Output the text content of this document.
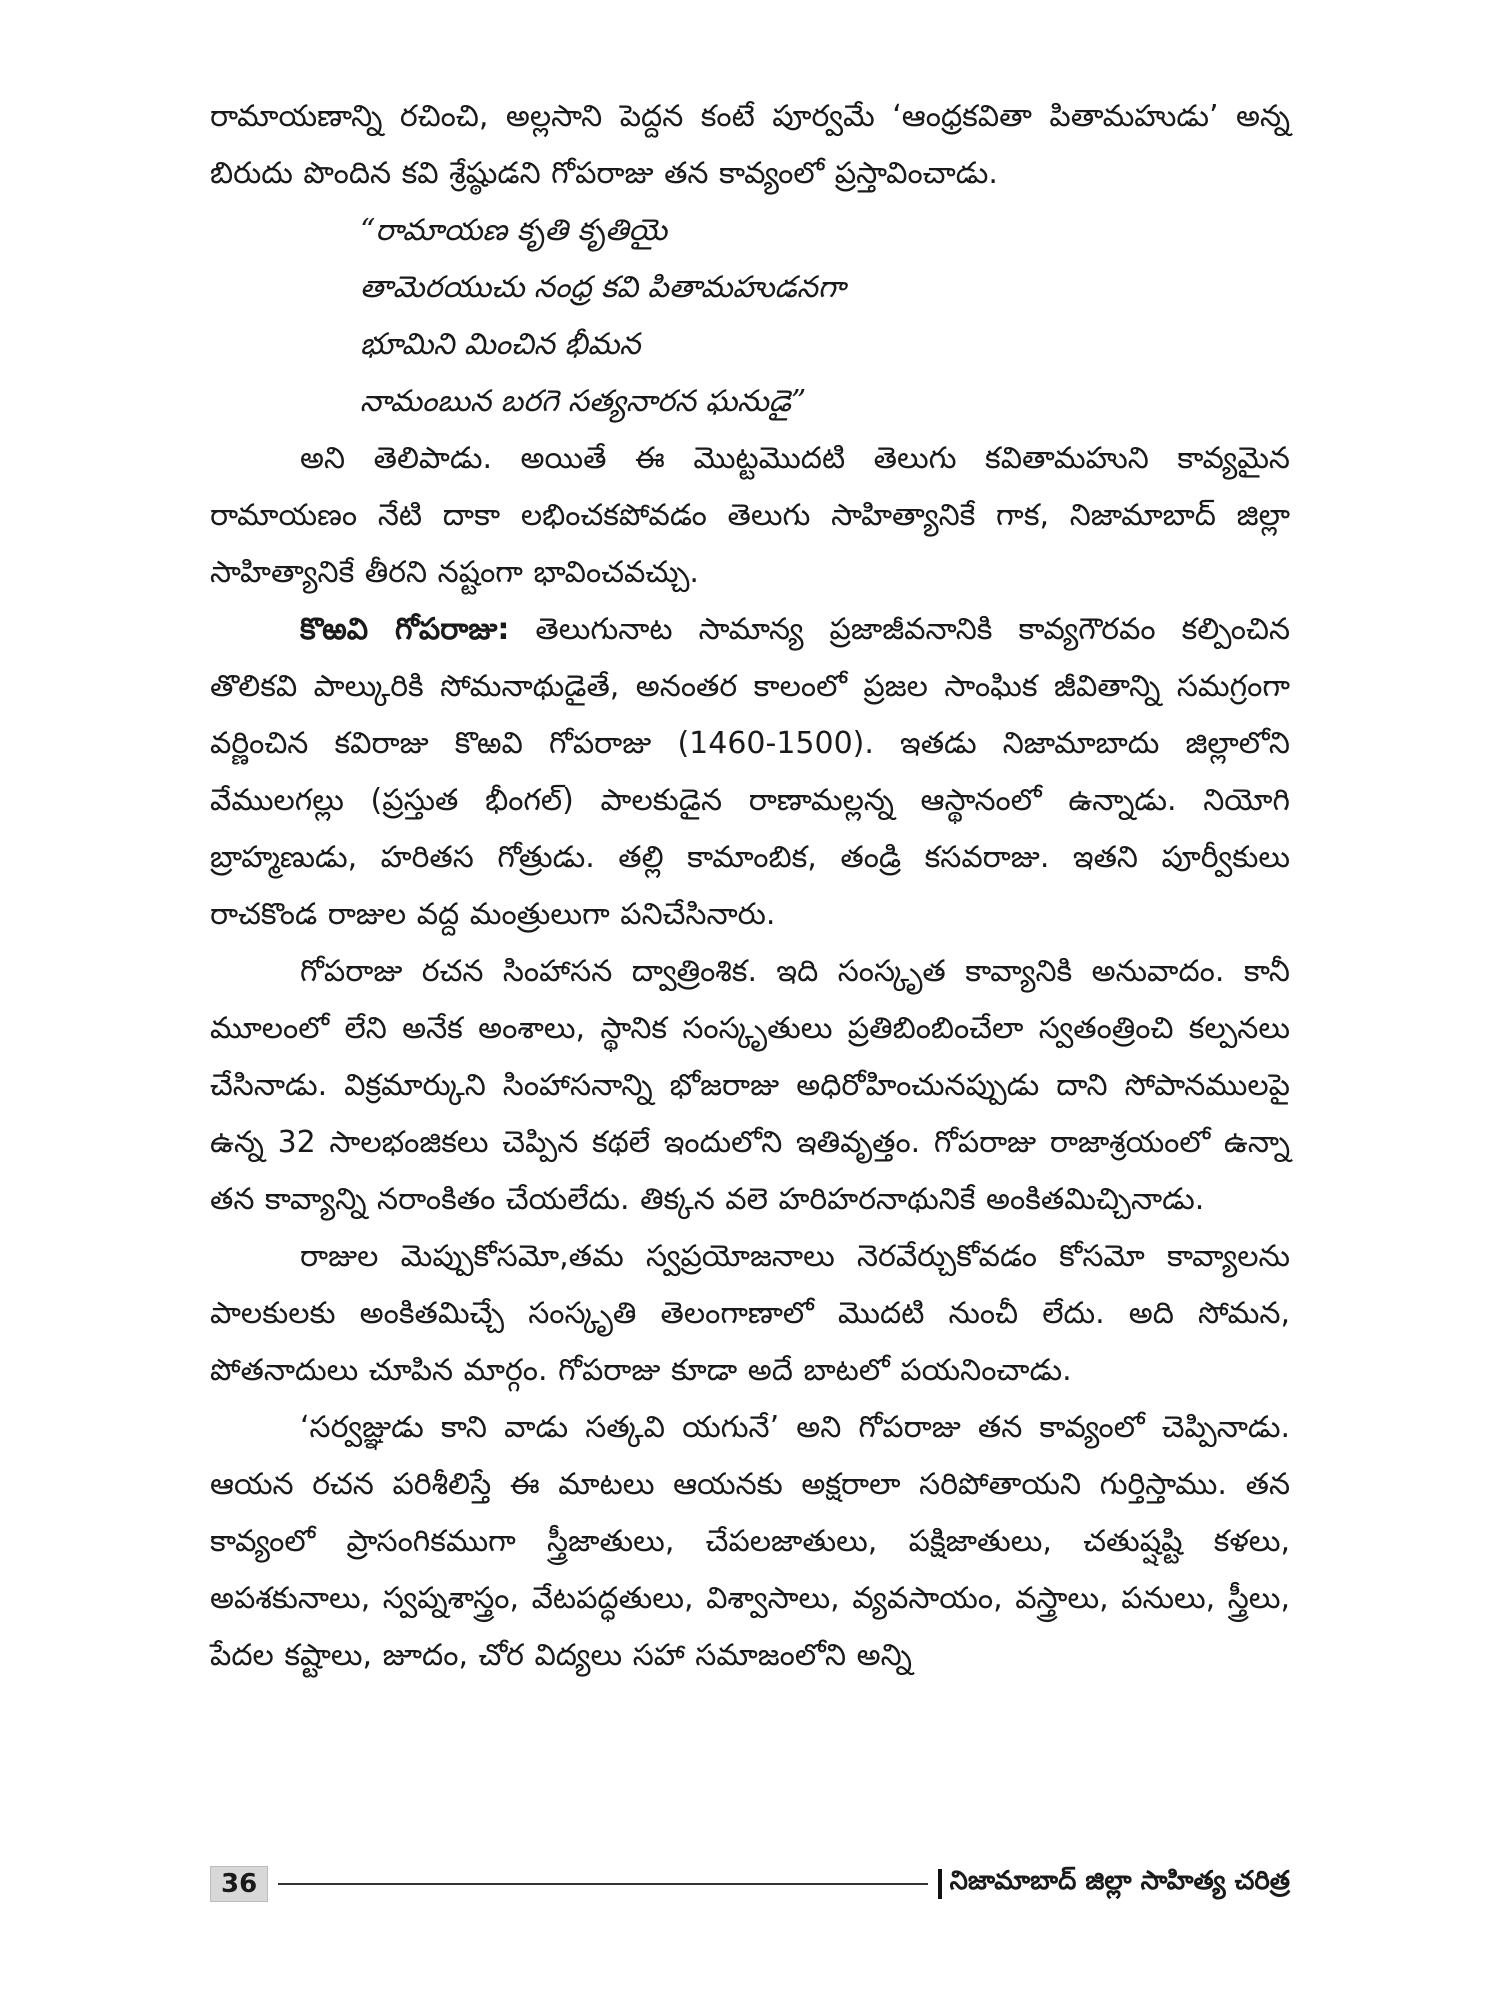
రామాయణాన్ని రచించి, అల్లసాని పెద్దన కంటే పూర్వమే ‘ఆంధ్రకవితా పితామహుడు’ అన్న బిరుదు పొందిన కవి శ్రేష్ఠుడని గోపరాజు తన కావ్యంలో ప్రస్తావించాడు.

“రామాయణ కృతి కృతియై
తామెరయుచు నంధ్ర కవి పితామహుడనగా
భూమిని మించిన భీమన
నామంబున బరగె సత్యనారన ఘనుడై”

అని తెలిపాడు. అయితే ఈ మొట్టమొదటి తెలుగు కవితామహుని కావ్యమైన రామాయణం నేటి దాకా లభించకపోవడం తెలుగు సాహిత్యానికే గాక, నిజామాబాద్ జిల్లా సాహిత్యానికే తీరని నష్టంగా భావించవచ్చు.

కొఱవి గోపరాజు: తెలుగునాట సామాన్య ప్రజాజీవనానికి కావ్యగౌరవం కల్పించిన తొలికవి పాల్కురికి సోమనాథుడైతే, అనంతర కాలంలో ప్రజల సాంఘిక జీవితాన్ని సమగ్రంగా వర్ణించిన కవిరాజు కొఱవి గోపరాజు (1460-1500). ఇతడు నిజామాబాదు జిల్లాలోని వేములగల్లు (ప్రస్తుత భీంగల్) పాలకుడైన రాణామల్లన్న ఆస్థానంలో ఉన్నాడు. నియోగి బ్రాహ్మణుడు, హరితస గోత్రుడు. తల్లి కామాంబిక, తండ్రి కసవరాజు. ఇతని పూర్వీకులు రాచకొండ రాజుల వద్ద మంత్రులుగా పనిచేసినారు.

గోపరాజు రచన సింహాసన ద్వాత్రింశిక. ఇది సంస్కృత కావ్యానికి అనువాదం. కానీ మూలంలో లేని అనేక అంశాలు, స్థానిక సంస్కృతులు ప్రతిబింబించేలా స్వతంత్రించి కల్పనలు చేసినాడు. విక్రమార్కుని సింహాసనాన్ని భోజరాజు అధిరోహించునప్పుడు దాని సోపానములపై ఉన్న 32 సాలభంజికలు చెప్పిన కథలే ఇందులోని ఇతివృత్తం. గోపరాజు రాజాశ్రయంలో ఉన్నా తన కావ్యాన్ని నరాంకితం చేయలేదు. తిక్కన వలె హరిహరనాథునికే అంకితమిచ్చినాడు.

రాజుల మెప్పుకోసమో,తమ స్వప్రయోజనాలు నెరవేర్చుకోవడం కోసమో కావ్యాలను పాలకులకు అంకితమిచ్చే సంస్కృతి తెలంగాణాలో మొదటి నుంచీ లేదు. అది సోమన, పోతనాదులు చూపిన మార్గం. గోపరాజు కూడా అదే బాటలో పయనించాడు.

‘సర్వజ్ఞుడు కాని వాడు సత్కవి యగునే’ అని గోపరాజు తన కావ్యంలో చెప్పినాడు. ఆయన రచన పరిశీలిస్తే ఈ మాటలు ఆయనకు అక్షరాలా సరిపోతాయని గుర్తిస్తాము. తన కావ్యంలో ప్రాసంగికముగా స్త్రీజాతులు, చేపలజాతులు, పక్షిజాతులు, చతుష్షష్టి కళలు, అపశకునాలు, స్వప్నశాస్త్రం, వేటపద్ధతులు, విశ్వాసాలు, వ్యవసాయం, వస్త్రాలు, పనులు, స్త్రీలు, పేదల కష్టాలు, జూదం, చోర విద్యలు సహా సమాజంలోని అన్ని

36	నిజామాబాద్ జిల్లా సాహిత్య చరిత్ర
